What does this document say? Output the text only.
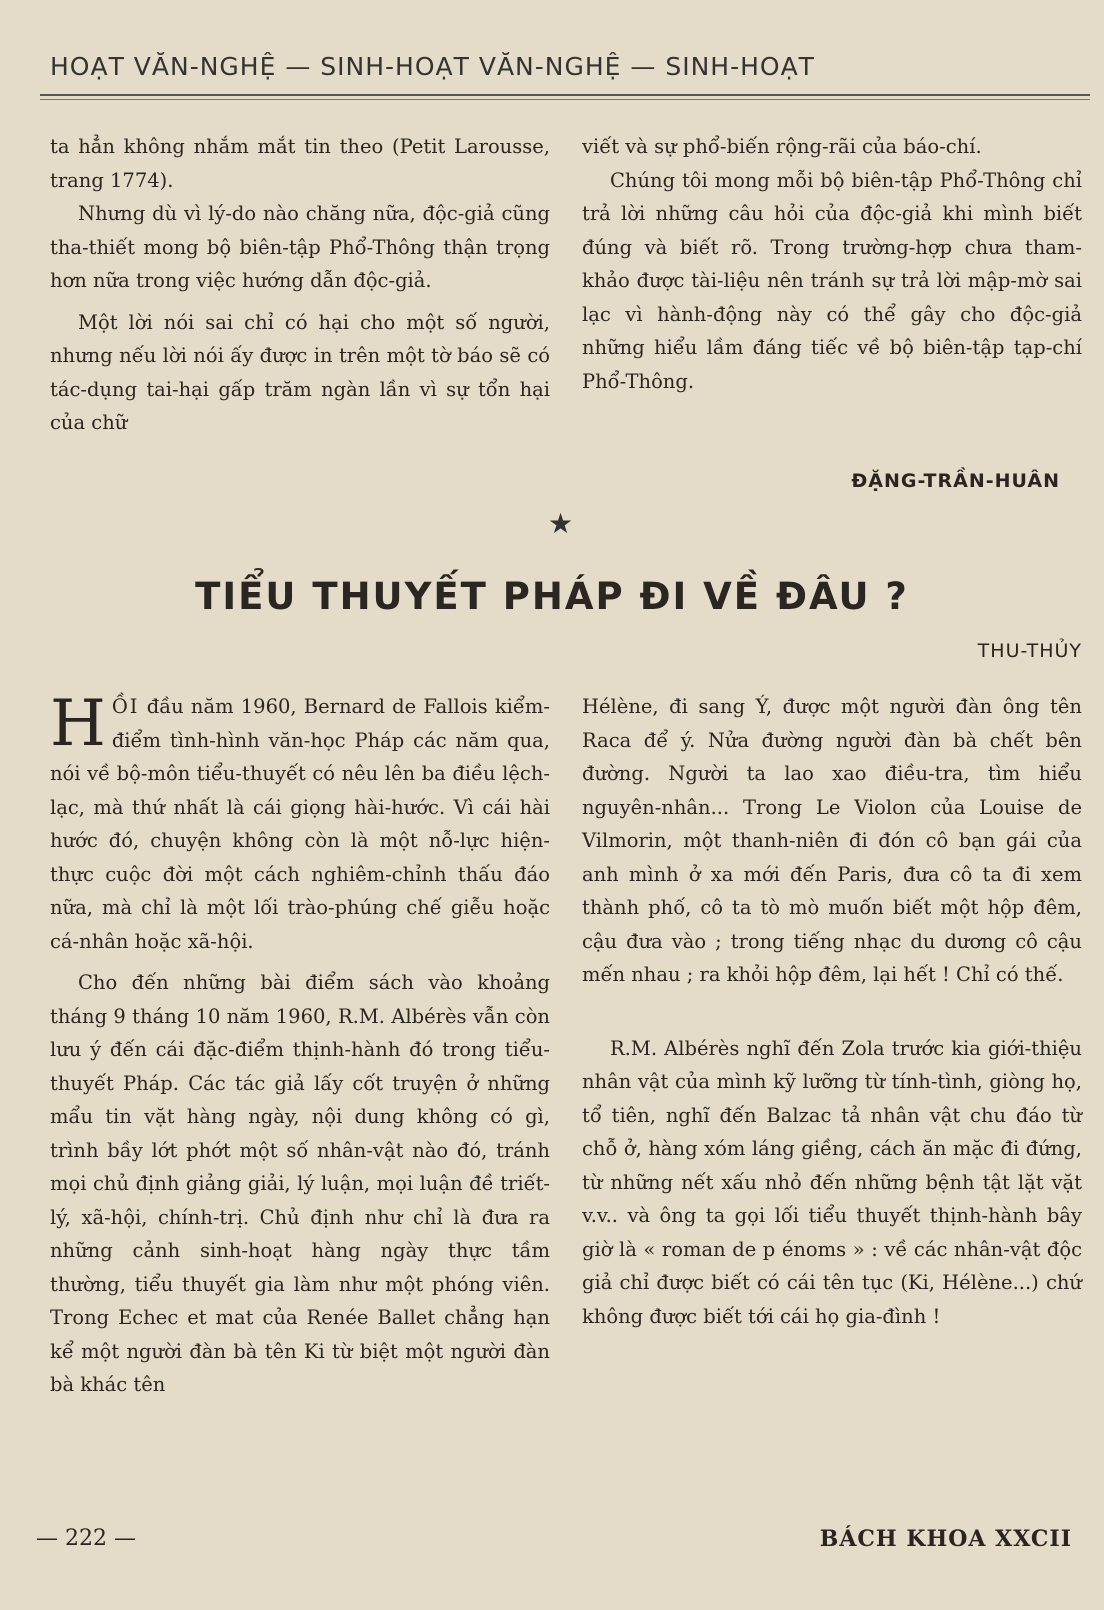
HOẠT VĂN-NGHỆ — SINH-HOẠT VĂN-NGHỆ — SINH-HOẠT

ta hẳn không nhắm mắt tin theo (Petit Larousse, trang 1774).

Nhưng dù vì lý-do nào chăng nữa, độc-giả cũng tha-thiết mong bộ biên-tập Phổ-Thông thận trọng hơn nữa trong việc hướng dẫn độc-giả.

Một lời nói sai chỉ có hại cho một số người, nhưng nếu lời nói ấy được in trên một tờ báo sẽ có tác-dụng tai-hại gấp trăm ngàn lần vì sự tổn hại của chữ

viết và sự phổ-biến rộng-rãi của báo-chí.

Chúng tôi mong mỗi bộ biên-tập Phổ-Thông chỉ trả lời những câu hỏi của độc-giả khi mình biết đúng và biết rõ. Trong trường-hợp chưa tham-khảo được tài-liệu nên tránh sự trả lời mập-mờ sai lạc vì hành-động này có thể gây cho độc-giả những hiểu lầm đáng tiếc về bộ biên-tập tạp-chí Phổ-Thông.

ĐẶNG-TRẦN-HUÂN
★
TIỂU THUYẾT PHÁP ĐI VỀ ĐÂU ?
THU-THỦY

H ỒI đầu năm 1960, Bernard de Fallois kiểm-điểm tình-hình văn-học Pháp các năm qua, nói về bộ-môn tiểu-thuyết có nêu lên ba điều lệch-lạc, mà thứ nhất là cái giọng hài-hước. Vì cái hài hước đó, chuyện không còn là một nỗ-lực hiện-thực cuộc đời một cách nghiêm-chỉnh thấu đáo nữa, mà chỉ là một lối trào-phúng chế giễu hoặc cá-nhân hoặc xã-hội.

Cho đến những bài điểm sách vào khoảng tháng 9 tháng 10 năm 1960, R.M. Albérès vẫn còn lưu ý đến cái đặc-điểm thịnh-hành đó trong tiểu-thuyết Pháp. Các tác giả lấy cốt truyện ở những mẩu tin vặt hàng ngày, nội dung không có gì, trình bầy lớt phớt một số nhân-vật nào đó, tránh mọi chủ định giảng giải, lý luận, mọi luận đề triết-lý, xã-hội, chính-trị. Chủ định như chỉ là đưa ra những cảnh sinh-hoạt hàng ngày thực tầm thường, tiểu thuyết gia làm như một phóng viên. Trong Echec et mat của Renée Ballet chẳng hạn kể một người đàn bà tên Ki từ biệt một người đàn bà khác tên

Hélène, đi sang Ý, được một người đàn ông tên Raca để ý. Nửa đường người đàn bà chết bên đường. Người ta lao xao điều-tra, tìm hiểu nguyên-nhân... Trong Le Violon của Louise de Vilmorin, một thanh-niên đi đón cô bạn gái của anh mình ở xa mới đến Paris, đưa cô ta đi xem thành phố, cô ta tò mò muốn biết một hộp đêm, cậu đưa vào ; trong tiếng nhạc du dương cô cậu mến nhau ; ra khỏi hộp đêm, lại hết ! Chỉ có thế.

R.M. Albérès nghĩ đến Zola trước kia giới-thiệu nhân vật của mình kỹ lưỡng từ tính-tình, giòng họ, tổ tiên, nghĩ đến Balzac tả nhân vật chu đáo từ chỗ ở, hàng xóm láng giềng, cách ăn mặc đi đứng, từ những nết xấu nhỏ đến những bệnh tật lặt vặt v.v.. và ông ta gọi lối tiểu thuyết thịnh-hành bây giờ là « roman de p énoms » : về các nhân-vật độc giả chỉ được biết có cái tên tục (Ki, Hélène...) chứ không được biết tới cái họ gia-đình !

— 222 —	BÁCH KHOA XXCII
